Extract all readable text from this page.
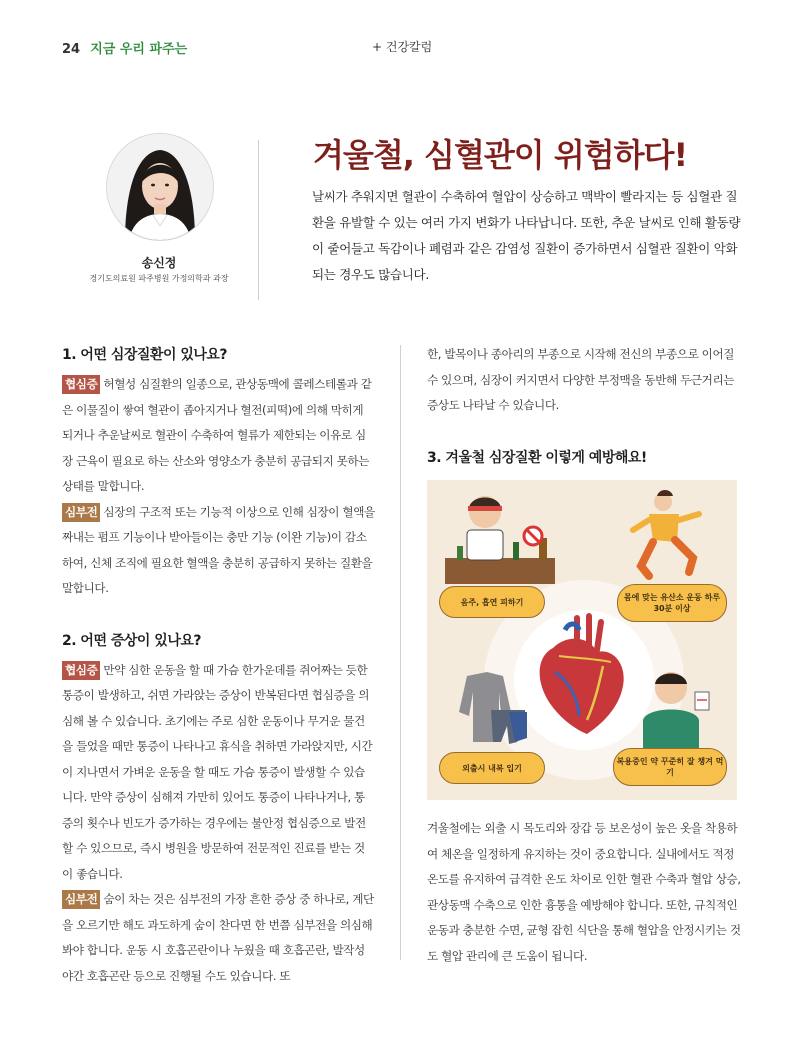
24 지금 우리 파주는	+ 건강칼럼
송신정
경기도의료원 파주병원 가정의학과 과장
겨울철, 심혈관이 위험하다!
날씨가 추워지면 혈관이 수축하여 혈압이 상승하고 맥박이 빨라지는 등 심혈관 질환을 유발할 수 있는 여러 가지 변화가 나타납니다. 또한, 추운 날씨로 인해 활동량이 줄어들고 독감이나 폐렴과 같은 감염성 질환이 증가하면서 심혈관 질환이 악화되는 경우도 많습니다.
1. 어떤 심장질환이 있나요?

협심증 허혈성 심질환의 일종으로, 관상동맥에 콜레스테롤과 같은 이물질이 쌓여 혈관이 좁아지거나 혈전(피떡)에 의해 막히게 되거나 추운날씨로 혈관이 수축하여 혈류가 제한되는 이유로 심장 근육이 필요로 하는 산소와 영양소가 충분히 공급되지 못하는 상태를 말합니다.

심부전 심장의 구조적 또는 기능적 이상으로 인해 심장이 혈액을 짜내는 펌프 기능이나 받아들이는 충만 기능 (이완 기능)이 감소하여, 신체 조직에 필요한 혈액을 충분히 공급하지 못하는 질환을 말합니다.

2. 어떤 증상이 있나요?

협심증 만약 심한 운동을 할 때 가슴 한가운데를 쥐어짜는 듯한 통증이 발생하고, 쉬면 가라앉는 증상이 반복된다면 협심증을 의심해 볼 수 있습니다. 초기에는 주로 심한 운동이나 무거운 물건을 들었을 때만 통증이 나타나고 휴식을 취하면 가라앉지만, 시간이 지나면서 가벼운 운동을 할 때도 가슴 통증이 발생할 수 있습니다. 만약 증상이 심해져 가만히 있어도 통증이 나타나거나, 통증의 횟수나 빈도가 증가하는 경우에는 불안정 협심증으로 발전할 수 있으므로, 즉시 병원을 방문하여 전문적인 진료를 받는 것이 좋습니다.

심부전 숨이 차는 것은 심부전의 가장 흔한 증상 중 하나로, 계단을 오르기만 해도 과도하게 숨이 찬다면 한 번쯤 심부전을 의심해 봐야 합니다. 운동 시 호흡곤란이나 누웠을 때 호흡곤란, 발작성 야간 호흡곤란 등으로 진행될 수도 있습니다. 또

한, 발목이나 종아리의 부종으로 시작해 전신의 부종으로 이어질 수 있으며, 심장이 커지면서 다양한 부정맥을 동반해 두근거리는 증상도 나타날 수 있습니다.

3. 겨울철 심장질환 이렇게 예방해요!
음주, 흡연 피하기	몸에 맞는 유산소 운동 하루 30분 이상
외출시 내복 입기
복용중인 약 꾸준히 잘 챙겨 먹기
겨울철에는 외출 시 목도리와 장갑 등 보온성이 높은 옷을 착용하여 체온을 일정하게 유지하는 것이 중요합니다. 실내에서도 적정 온도를 유지하여 급격한 온도 차이로 인한 혈관 수축과 혈압 상승, 관상동맥 수축으로 인한 흉통을 예방해야 합니다. 또한, 규칙적인 운동과 충분한 수면, 균형 잡힌 식단을 통해 혈압을 안정시키는 것도 혈압 관리에 큰 도움이 됩니다.
